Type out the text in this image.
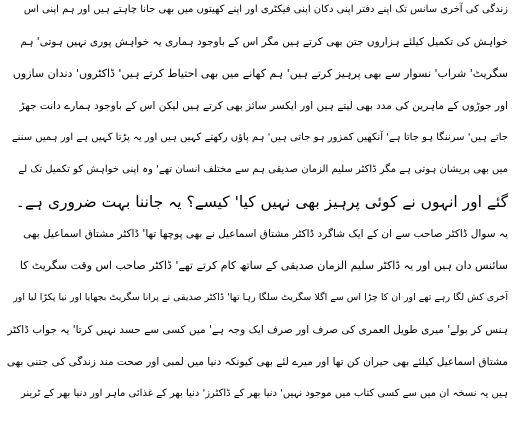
زندگی کی آخری سانس تک اپنے دفتر اپنی دکان اپنی فیکٹری اور اپنے کھیتوں میں بھی جانا چاہتے ہیں اور ہم اپنی اس
خواہش کی تکمیل کیلئے ہزاروں جتن بھی کرتے ہیں مگر اس کے باوجود ہماری یہ خواہش پوری نہیں ہوتی' ہم
سگریٹ' شراب' نسوار سے بھی پرہیز کرتے ہیں' ہم کھانے میں بھی احتیاط کرتے ہیں' ڈاکٹروں' دندان سازوں
اور جوڑوں کے ماہرین کی مدد بھی لیتے ہیں اور ایکسر سائز بھی کرتے ہیں لیکن اس کے باوجود ہمارے دانت جھڑ
جاتے ہیں' سرننگا ہو جاتا ہے' آنکھیں کمزور ہو جاتی ہیں' ہم پاؤں رکھتے کہیں ہیں اور یہ پڑتا کہیں ہے اور ہمیں سننے
میں بھی پریشان ہوتی ہے مگر ڈاکٹر سلیم الزمان صدیقی ہم سے مختلف انسان تھے' وہ اپنی خواہش کو تکمیل تک لے
گئے اور انہوں نے کوئی پرہیز بھی نہیں کیا' کیسے؟ یہ جاننا بہت ضروری ہے۔
یہ سوال ڈاکٹر صاحب سے ان کے ایک شاگرد ڈاکٹر مشتاق اسماعیل نے بھی پوچھا تھا' ڈاکٹر مشتاق اسماعیل بھی
سائنس دان ہیں اور یہ ڈاکٹر سلیم الزمان صدیقی کے ساتھ کام کرتے تھے' ڈاکٹر صاحب اس وقت سگریٹ کا
آخری کش لگا رہے تھے اور ان کا چڑا اس سے اگلا سگریٹ سلگا رہا تھا' ڈاکٹر صدیقی نے پرانا سگریٹ بجھایا اور نیا پکڑا لیا اور
ہنس کر بولے' میری طویل العمری کی صرف اور صرف ایک وجہ ہے' میں کسی سے حسد نہیں کرتا' یہ جواب ڈاکٹر
مشتاق اسماعیل کیلئے بھی حیران کن تھا اور میرے لئے بھی کیونکہ دنیا میں لمبی اور صحت مند زندگی کی جتنی بھی
ہیں یہ نسخہ ان میں سے کسی کتاب میں موجود نہیں' دنیا بھر کے ڈاکٹرز' دنیا بھر کے غذائی ماہر اور دنیا بھر کے ٹرینر
